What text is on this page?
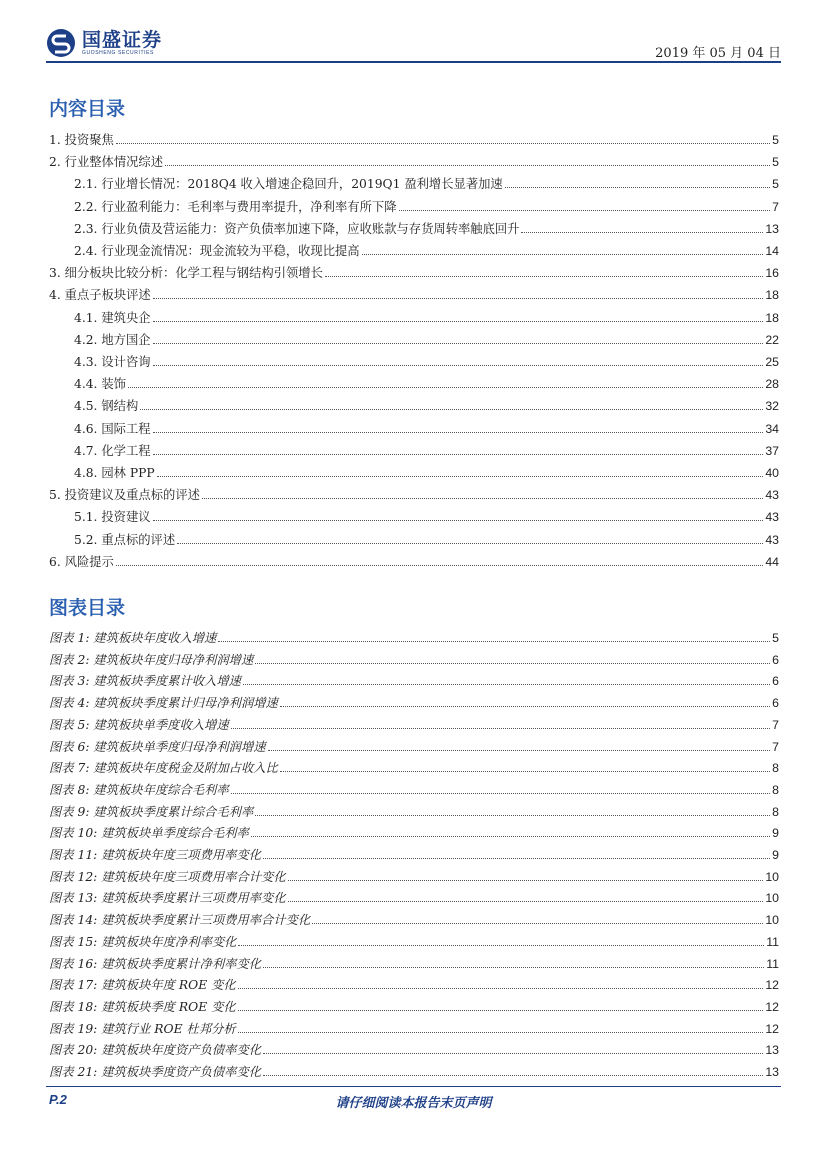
国盛证券
GUOSHENG SECURITIES	2019 年 05 月 04 日
内容目录
1. 投资聚焦	5
2. 行业整体情况综述	5
2.1. 行业增长情况：2018Q4 收入增速企稳回升，2019Q1 盈利增长显著加速	5
2.2. 行业盈利能力：毛利率与费用率提升，净利率有所下降	7
2.3. 行业负债及营运能力：资产负债率加速下降，应收账款与存货周转率触底回升	13
2.4. 行业现金流情况：现金流较为平稳，收现比提高	14
3. 细分板块比较分析：化学工程与钢结构引领增长	16
4. 重点子板块评述	18
4.1. 建筑央企	18
4.2. 地方国企	22
4.3. 设计咨询	25
4.4. 装饰	28
4.5. 钢结构	32
4.6. 国际工程	34
4.7. 化学工程	37
4.8. 园林 PPP	40
5. 投资建议及重点标的评述	43
5.1. 投资建议	43
5.2. 重点标的评述	43
6. 风险提示	44
图表目录
图表 1: 建筑板块年度收入增速	5
图表 2: 建筑板块年度归母净利润增速	6
图表 3: 建筑板块季度累计收入增速	6
图表 4: 建筑板块季度累计归母净利润增速	6
图表 5: 建筑板块单季度收入增速	7
图表 6: 建筑板块单季度归母净利润增速	7
图表 7: 建筑板块年度税金及附加占收入比	8
图表 8: 建筑板块年度综合毛利率	8
图表 9: 建筑板块季度累计综合毛利率	8
图表 10: 建筑板块单季度综合毛利率	9
图表 11: 建筑板块年度三项费用率变化	9
图表 12: 建筑板块年度三项费用率合计变化	10
图表 13: 建筑板块季度累计三项费用率变化	10
图表 14: 建筑板块季度累计三项费用率合计变化	10
图表 15: 建筑板块年度净利率变化	11
图表 16: 建筑板块季度累计净利率变化	11
图表 17: 建筑板块年度 ROE 变化	12
图表 18: 建筑板块季度 ROE 变化	12
图表 19: 建筑行业 ROE 杜邦分析	12
图表 20: 建筑板块年度资产负债率变化	13
图表 21: 建筑板块季度资产负债率变化	13
P.2	请仔细阅读本报告末页声明
